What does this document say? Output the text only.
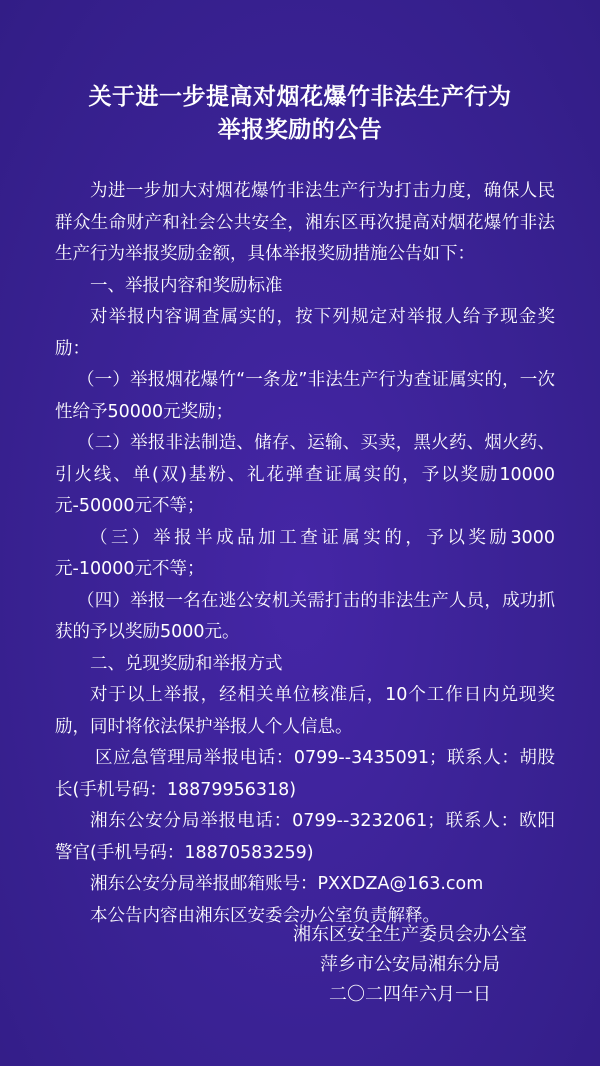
关于进一步提高对烟花爆竹非法生产行为
举报奖励的公告

为进一步加大对烟花爆竹非法生产行为打击力度，确保人民群众生命财产和社会公共安全，湘东区再次提高对烟花爆竹非法生产行为举报奖励金额，具体举报奖励措施公告如下：

一、举报内容和奖励标准

对举报内容调查属实的，按下列规定对举报人给予现金奖励：

（一）举报烟花爆竹“一条龙”非法生产行为查证属实的，一次性给予50000元奖励；

（二）举报非法制造、储存、运输、买卖，黑火药、烟火药、引火线、单(双)基粉、礼花弹查证属实的，予以奖励10000元-50000元不等；

（三）举报半成品加工查证属实的，予以奖励3000元-10000元不等；

（四）举报一名在逃公安机关需打击的非法生产人员，成功抓获的予以奖励5000元。

二、兑现奖励和举报方式

对于以上举报，经相关单位核准后，10个工作日内兑现奖励，同时将依法保护举报人个人信息。

区应急管理局举报电话：0799--3435091；联系人：胡股长(手机号码：18879956318)

湘东公安分局举报电话：0799--3232061；联系人：欧阳警官(手机号码：18870583259)

湘东公安分局举报邮箱账号：PXXDZA@163.com

本公告内容由湘东区安委会办公室负责解释。

湘东区安全生产委员会办公室
萍乡市公安局湘东分局
二〇二四年六月一日
